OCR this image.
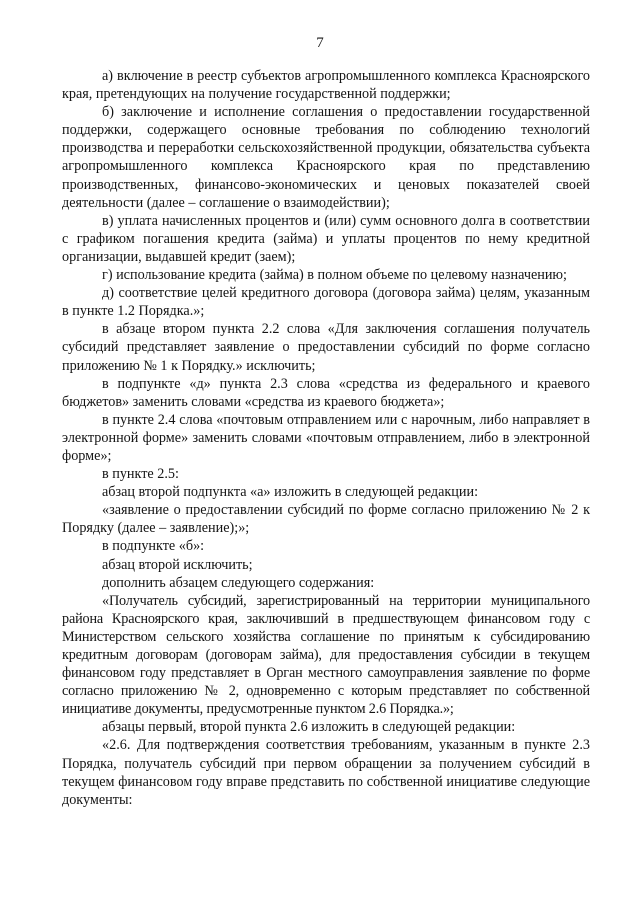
7

а) включение в реестр субъектов агропромышленного комплекса Красноярского края, претендующих на получение государственной поддержки;

б) заключение и исполнение соглашения о предоставлении государственной поддержки, содержащего основные требования по соблюдению технологий производства и переработки сельскохозяйственной продукции, обязательства субъекта агропромышленного комплекса Красноярского края по представлению производственных, финансово-экономических и ценовых показателей своей деятельности (далее – соглашение о взаимодействии);

в) уплата начисленных процентов и (или) сумм основного долга в соответствии с графиком погашения кредита (займа) и уплаты процентов по нему кредитной организации, выдавшей кредит (заем);

г) использование кредита (займа) в полном объеме по целевому назначению;

д) соответствие целей кредитного договора (договора займа) целям, указанным в пункте 1.2 Порядка.»;

в абзаце втором пункта 2.2 слова «Для заключения соглашения получатель субсидий представляет заявление о предоставлении субсидий по форме согласно приложению № 1 к Порядку.» исключить;

в подпункте «д» пункта 2.3 слова «средства из федерального и краевого бюджетов» заменить словами «средства из краевого бюджета»;

в пункте 2.4 слова «почтовым отправлением или с нарочным, либо направляет в электронной форме» заменить словами «почтовым отправлением, либо в электронной форме»;

в пункте 2.5:

абзац второй подпункта «а» изложить в следующей редакции:

«заявление о предоставлении субсидий по форме согласно приложению № 2 к Порядку (далее – заявление);»;

в подпункте «б»:

абзац второй исключить;

дополнить абзацем следующего содержания:

«Получатель субсидий, зарегистрированный на территории муниципального района Красноярского края, заключивший в предшествующем финансовом году с Министерством сельского хозяйства соглашение по принятым к субсидированию кредитным договорам (договорам займа), для предоставления субсидии в текущем финансовом году представляет в Орган местного самоуправления заявление по форме согласно приложению № 2, одновременно с которым представляет по собственной инициативе документы, предусмотренные пунктом 2.6 Порядка.»;

абзацы первый, второй пункта 2.6 изложить в следующей редакции:

«2.6. Для подтверждения соответствия требованиям, указанным в пункте 2.3 Порядка, получатель субсидий при первом обращении за получением субсидий в текущем финансовом году вправе представить по собственной инициативе следующие документы:
